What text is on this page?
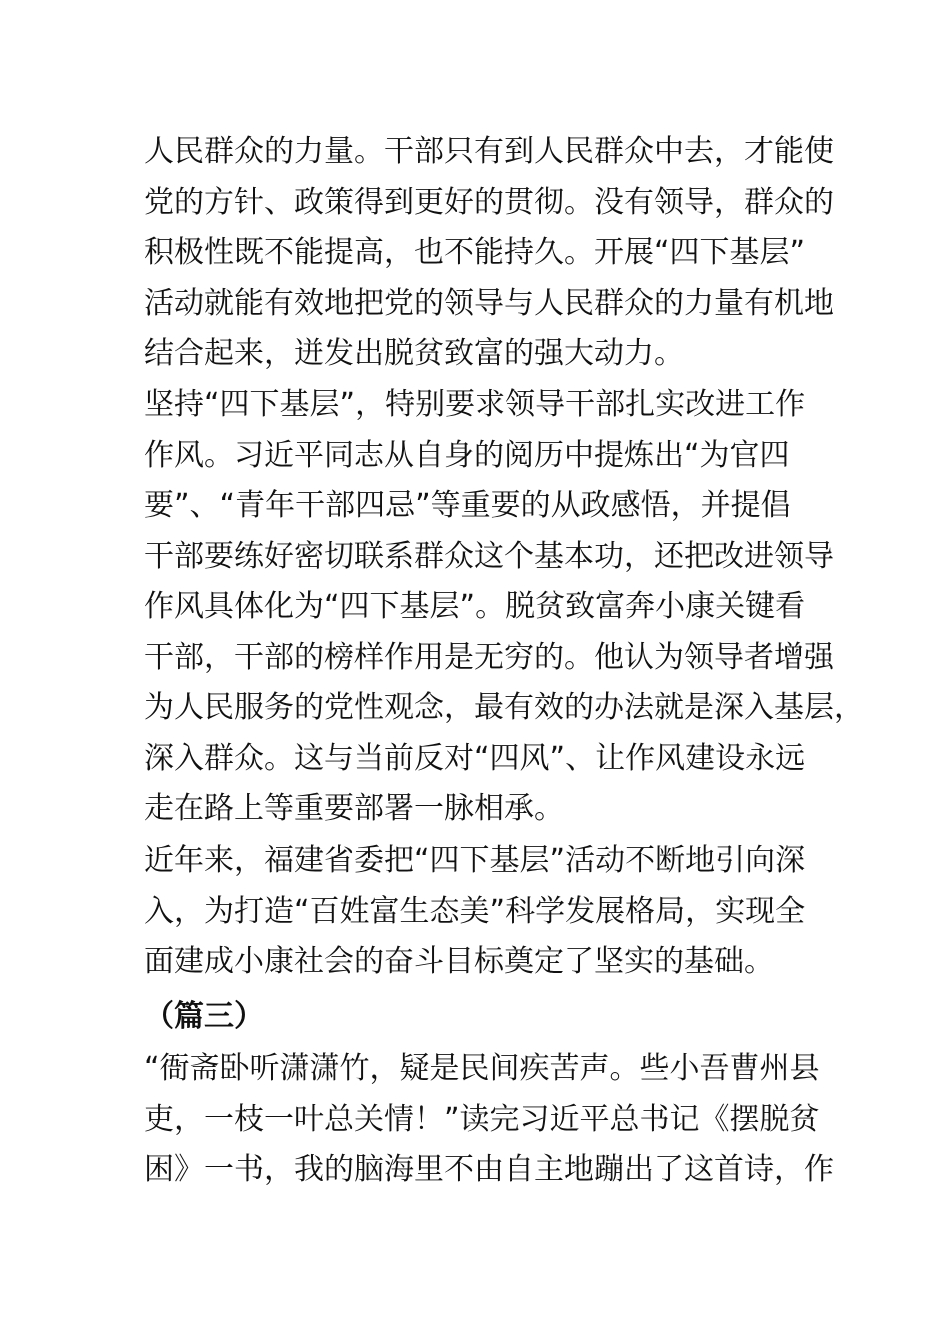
人民群众的力量。干部只有到人民群众中去，才能使
党的方针、政策得到更好的贯彻。没有领导，群众的
积极性既不能提高，也不能持久。开展“四下基层”
活动就能有效地把党的领导与人民群众的力量有机地
结合起来，迸发出脱贫致富的强大动力。
坚持“四下基层”，特别要求领导干部扎实改进工作
作风。习近平同志从自身的阅历中提炼出“为官四
要”、“青年干部四忌”等重要的从政感悟，并提倡
干部要练好密切联系群众这个基本功，还把改进领导
作风具体化为“四下基层”。脱贫致富奔小康关键看
干部，干部的榜样作用是无穷的。他认为领导者增强
为人民服务的党性观念，最有效的办法就是深入基层，
深入群众。这与当前反对“四风”、让作风建设永远
走在路上等重要部署一脉相承。
近年来，福建省委把“四下基层”活动不断地引向深
入，为打造“百姓富生态美”科学发展格局，实现全
面建成小康社会的奋斗目标奠定了坚实的基础。
（篇三）
“衙斋卧听潇潇竹，疑是民间疾苦声。些小吾曹州县
吏，一枝一叶总关情！”读完习近平总书记《摆脱贫
困》一书，我的脑海里不由自主地蹦出了这首诗，作
